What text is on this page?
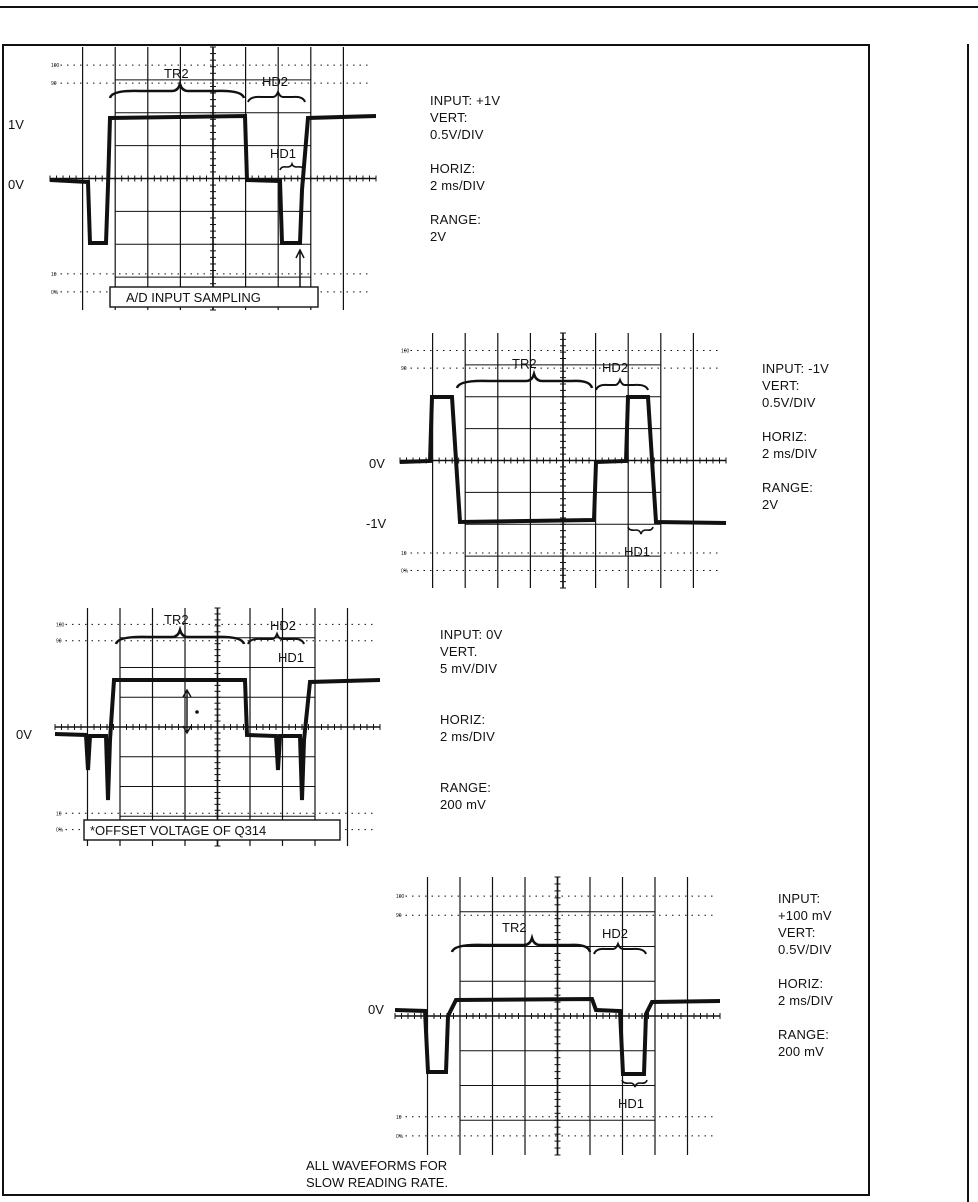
100
90
10
0%
100
90
10
0%
100
90
10
0%
100
90
10
0%
1V
0V
TR2
HD2
HD1
A/D INPUT SAMPLING
INPUT: +1V
VERT:
0.5V/DIV
HORIZ:
2 ms/DIV
RANGE:
2V
0V
-1V
TR2	HD2
HD1
INPUT: -1V
VERT:
0.5V/DIV
HORIZ:
2 ms/DIV
RANGE:
2V
0V
TR2	HD2
HD1
*OFFSET VOLTAGE OF Q314
INPUT: 0V
VERT.
5 mV/DIV
HORIZ:
2 ms/DIV
RANGE:
200 mV
0V
TR2	HD2
HD1
INPUT:
+100 mV
VERT:
0.5V/DIV
HORIZ:
2 ms/DIV
RANGE:
200 mV
ALL WAVEFORMS FOR
SLOW READING RATE.
